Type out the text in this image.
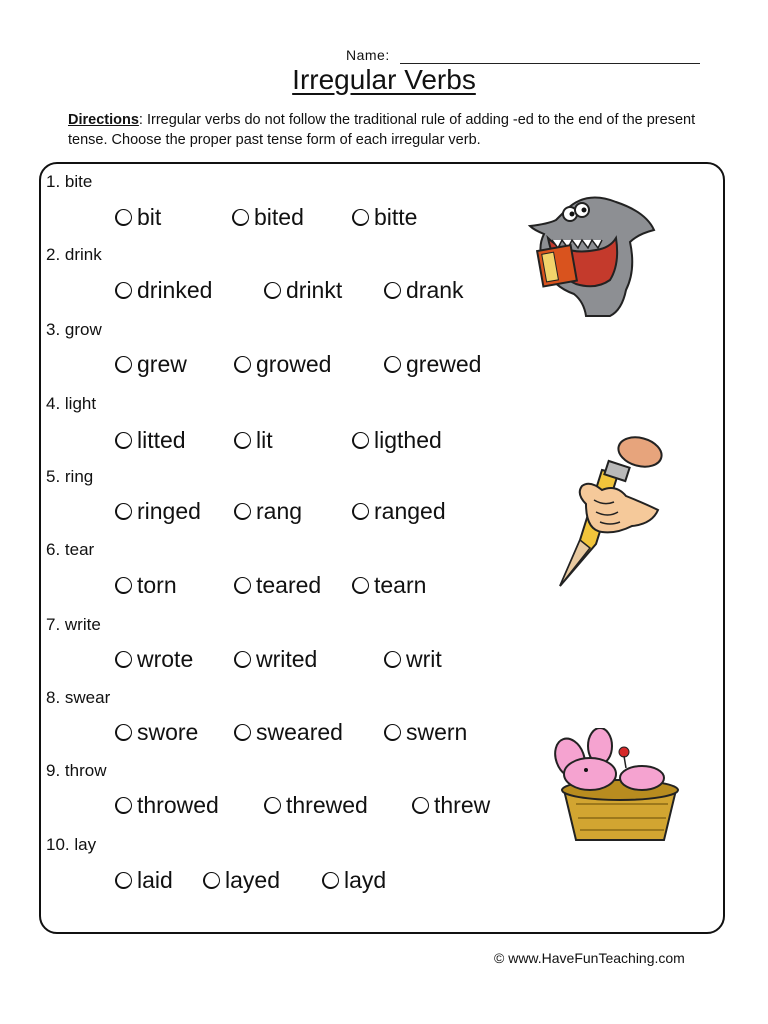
Name:
Irregular Verbs
Directions: Irregular verbs do not follow the traditional rule of adding -ed to the end of the present tense. Choose the proper past tense form of each irregular verb.
1. bite
bit	bited	bitte
2. drink
drinked	drinkt	drank
3. grow
grew	growed	grewed
4. light
litted	lit	ligthed
5. ring
ringed rang	ranged
6. tear
torn	teared tearn
7. write
wrote	writed	writ
8. swear
swore	sweared	swern
9. throw
throwed	threwed	threw
10. lay
laid layed	layd
© www.HaveFunTeaching.com
